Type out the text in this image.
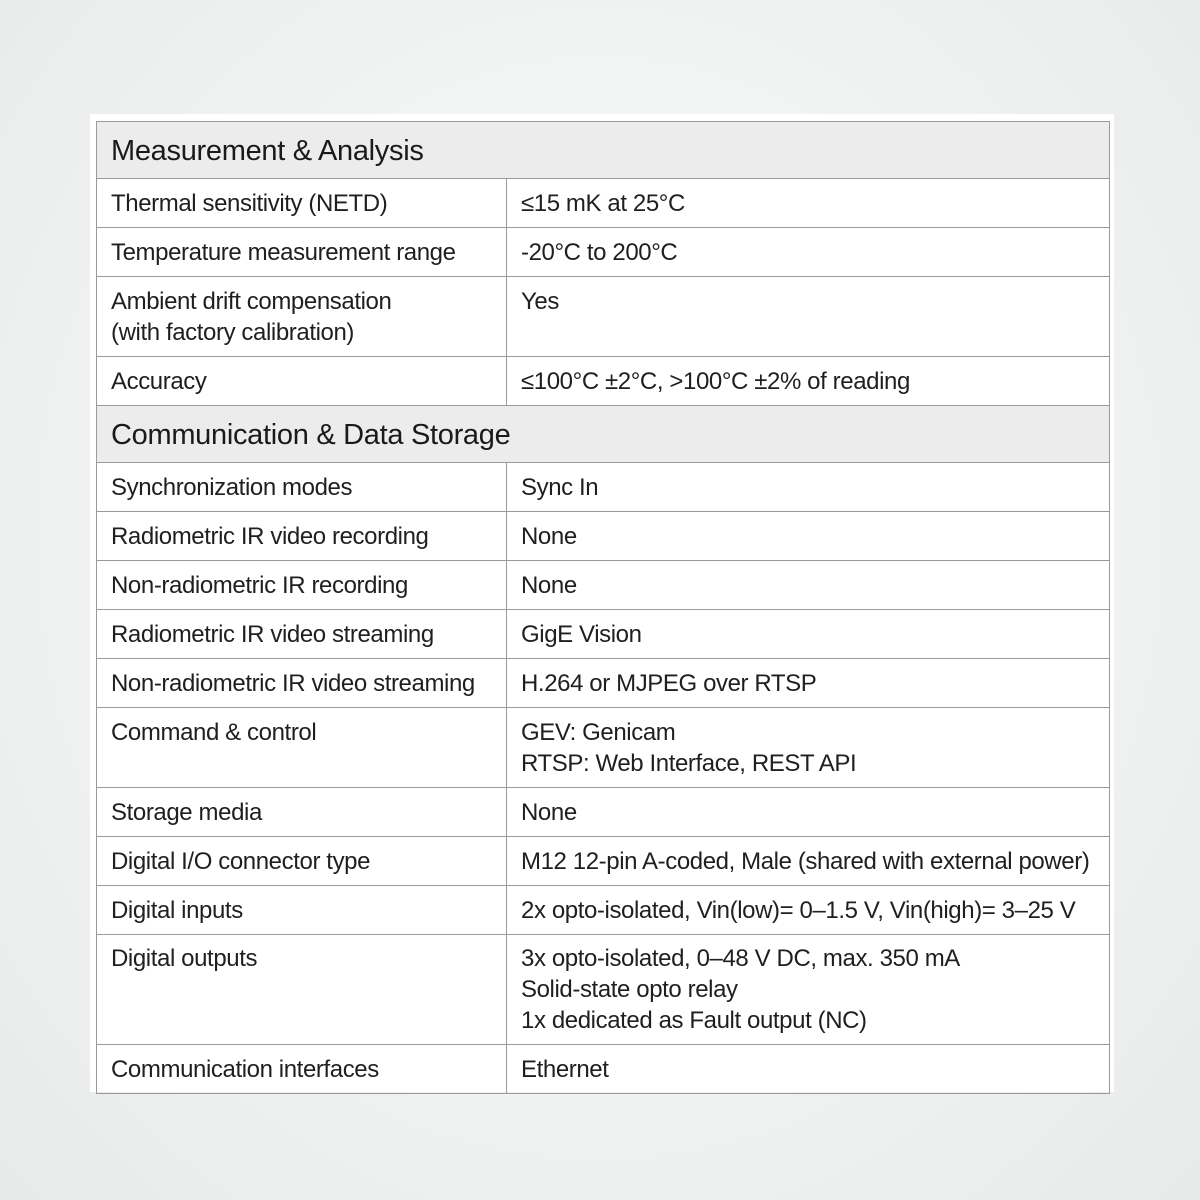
Measurement & Analysis	
Thermal sensitivity (NETD)	≤15 mK at 25°C
Temperature measurement range	-20°C to 200°C
Ambient drift compensation
(with factory calibration)	Yes
Accuracy	≤100°C ±2°C, >100°C ±2% of reading
Communication & Data Storage	
Synchronization modes	Sync In
Radiometric IR video recording	None
Non-radiometric IR recording	None
Radiometric IR video streaming	GigE Vision
Non-radiometric IR video streaming	H.264 or MJPEG over RTSP
Command & control	GEV: Genicam
RTSP: Web Interface, REST API
Storage media	None
Digital I/O connector type	M12 12-pin A-coded, Male (shared with external power)
Digital inputs	2x opto-isolated, Vin(low)= 0–1.5 V, Vin(high)= 3–25 V
Digital outputs	3x opto-isolated, 0–48 V DC, max. 350 mA
Solid-state opto relay
1x dedicated as Fault output (NC)
Communication interfaces	Ethernet
